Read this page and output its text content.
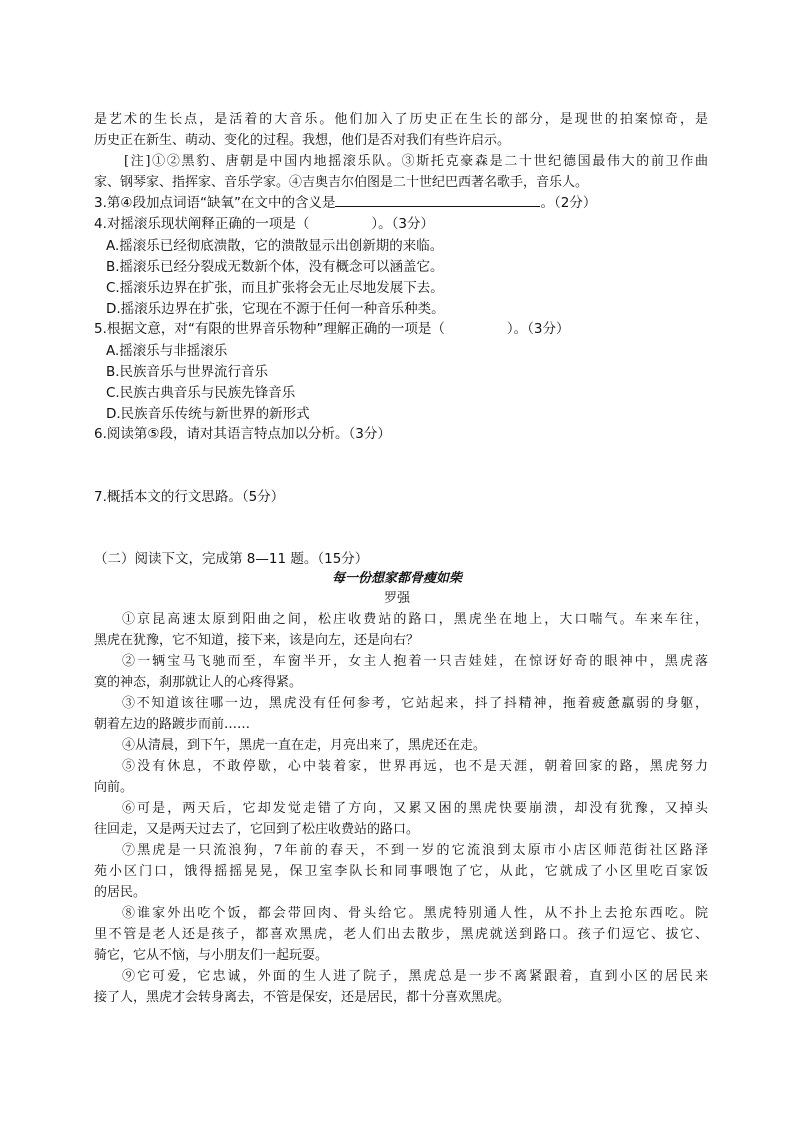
是艺术的生长点，是活着的大音乐。他们加入了历史正在生长的部分，是现世的拍案惊奇，是
历史正在新生、萌动、变化的过程。我想，他们是否对我们有些许启示。
[注]①②黑豹、唐朝是中国内地摇滚乐队。③斯托克豪森是二十世纪德国最伟大的前卫作曲
家、钢琴家、指挥家、音乐学家。④吉奥吉尔伯图是二十世纪巴西著名歌手，音乐人。
3.第④段加点词语“缺氧”在文中的含义是	。（2分）
4.对摇滚乐现状阐释正确的一项是（	）。（3分）
A.摇滚乐已经彻底溃散，它的溃散显示出创新期的来临。
B.摇滚乐已经分裂成无数新个体，没有概念可以涵盖它。
C.摇滚乐边界在扩张，而且扩张将会无止尽地发展下去。
D.摇滚乐边界在扩张，它现在不源于任何一种音乐种类。
5.根据文意，对“有限的世界音乐物种”理解正确的一项是（	）。（3分）
A.摇滚乐与非摇滚乐
B.民族音乐与世界流行音乐
C.民族古典音乐与民族先锋音乐
D.民族音乐传统与新世界的新形式
6.阅读第⑤段，请对其语言特点加以分析。（3分）
7.概括本文的行文思路。（5分）
（二）阅读下文，完成第 8—11 题。（15分）
每一份想家都骨瘦如柴
罗强
①京昆高速太原到阳曲之间，松庄收费站的路口，黑虎坐在地上，大口喘气。车来车往，
黑虎在犹豫，它不知道，接下来，该是向左，还是向右？
②一辆宝马飞驰而至，车窗半开，女主人抱着一只吉娃娃，在惊讶好奇的眼神中，黑虎落
寞的神态，刹那就让人的心疼得紧。
③不知道该往哪一边，黑虎没有任何参考，它站起来，抖了抖精神，拖着疲惫羸弱的身躯，
朝着左边的路踱步而前……
④从清晨，到下午，黑虎一直在走，月亮出来了，黑虎还在走。
⑤没有休息，不敢停歇，心中装着家，世界再远，也不是天涯，朝着回家的路，黑虎努力
向前。
⑥可是，两天后，它却发觉走错了方向，又累又困的黑虎快要崩溃，却没有犹豫，又掉头
往回走，又是两天过去了，它回到了松庄收费站的路口。
⑦黑虎是一只流浪狗，7年前的春天，不到一岁的它流浪到太原市小店区师范街社区路泽
苑小区门口，饿得摇摇晃晃，保卫室李队长和同事喂饱了它，从此，它就成了小区里吃百家饭
的居民。
⑧谁家外出吃个饭，都会带回肉、骨头给它。黑虎特别通人性，从不扑上去抢东西吃。院
里不管是老人还是孩子，都喜欢黑虎，老人们出去散步，黑虎就送到路口。孩子们逗它、拔它、
骑它，它从不恼，与小朋友们一起玩耍。
⑨它可爱，它忠诚，外面的生人进了院子，黑虎总是一步不离紧跟着，直到小区的居民来
接了人，黑虎才会转身离去，不管是保安，还是居民，都十分喜欢黑虎。
